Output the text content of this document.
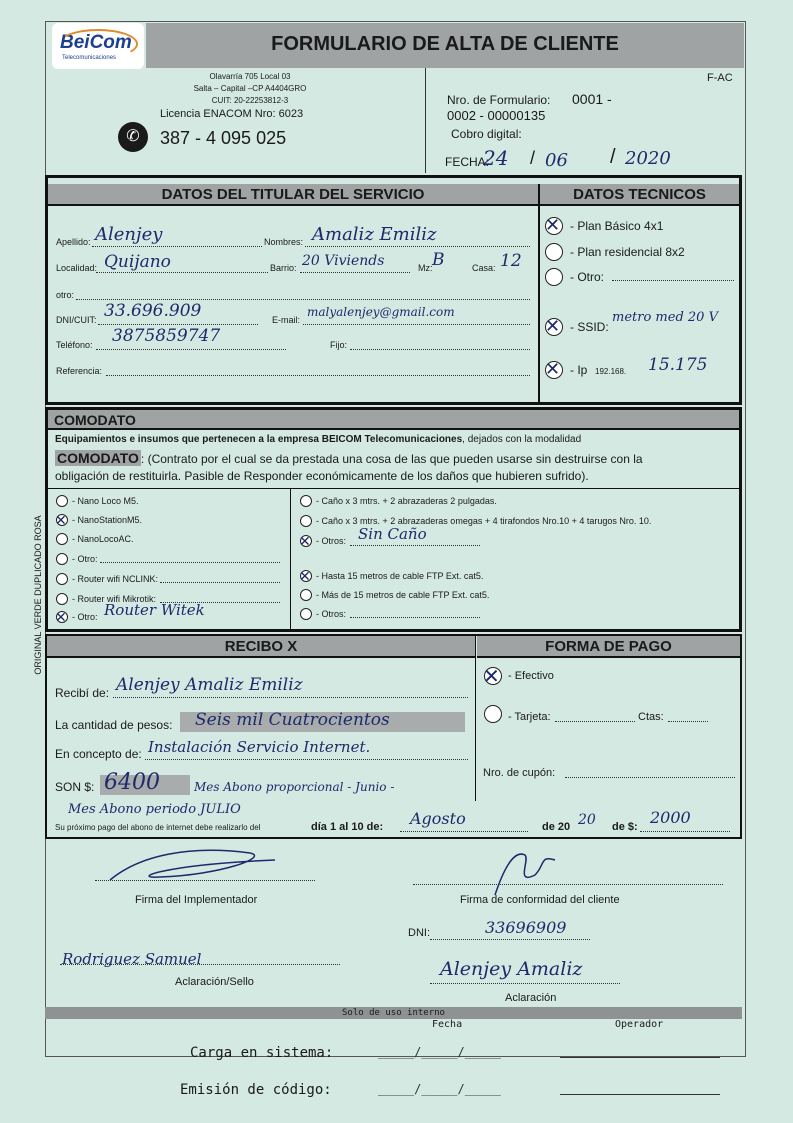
ORIGINAL VERDE DUPLICADO ROSA
BeiCom
Telecomunicaciones
FORMULARIO DE ALTA DE CLIENTE
Olavarría 705 Local 03
Salta – Capital –CP A4404GRO
CUIT: 20-22253812-3
Licencia ENACOM Nro: 6023
✆	387 - 4 095 025
F-AC
Nro. de Formulario: 0001 -
0002 - 00000135
Cobro digital:
FECHA:
24 / 06 / 2020
DATOS DEL TITULAR DEL SERVICIO	DATOS TECNICOS
Apellido: Alenjey	Nombres: Amaliz Emiliz
Localidad: Quijano	Barrio: 20 Viviends	Mz: B	Casa: 12
otro:
DNI/CUIT: 33.696.909	E-mail:
malyalenjey@gmail.com
Teléfono: 3875859747	Fijo:
Referencia:
✕ - Plan Básico 4x1
- Plan residencial 8x2
- Otro:
✕ - SSID:
metro med 20 V
✕ - Ip 192.168. 15.175
COMODATO
Equipamientos e insumos que pertenecen a la empresa BEICOM Telecomunicaciones, dejados con la modalidad
COMODATO : (Contrato por el cual se da prestada una cosa de las que pueden usarse sin destruirse con la
obligación de restituirla. Pasible de Responder económicamente de los daños que hubieren sufrido).
- Nano Loco M5.
✕ - NanoStationM5.
- NanoLocoAC.
- Otro:
- Router wifi NCLINK:
- Router wifi Mikrotik:
✕ - Otro: Router Witek
- Caño x 3 mtrs. + 2 abrazaderas 2 pulgadas.
- Caño x 3 mtrs. + 2 abrazaderas omegas + 4 tirafondos Nro.10 + 4 tarugos Nro. 10.
✕ - Otros: Sin Caño
✕ - Hasta 15 metros de cable FTP Ext. cat5.
- Más de 15 metros de cable FTP Ext. cat5.
- Otros:
RECIBO X	FORMA DE PAGO
Recibí de: Alenjey Amaliz Emiliz
La cantidad de pesos: Seis mil Cuatrocientos
En concepto de: Instalación Servicio Internet.
SON $: 6400	Mes Abono proporcional - Junio -
Mes Abono periodo JULIO
Su próximo pago del abono de internet debe realizarlo del	día 1 al 10 de: Agosto	de 20 20 de $: 2000
✕ - Efectivo
- Tarjeta:	Ctas:
Nro. de cupón:
Firma del Implementador	Firma de conformidad del cliente
DNI:	33696909
Rodriguez Samuel
Aclaración/Sello
Alenjey Amaliz
Aclaración
Solo de uso interno
Fecha	Operador
Carga en sistema:	_____/_____/_____
Emisión de código:	_____/_____/_____
